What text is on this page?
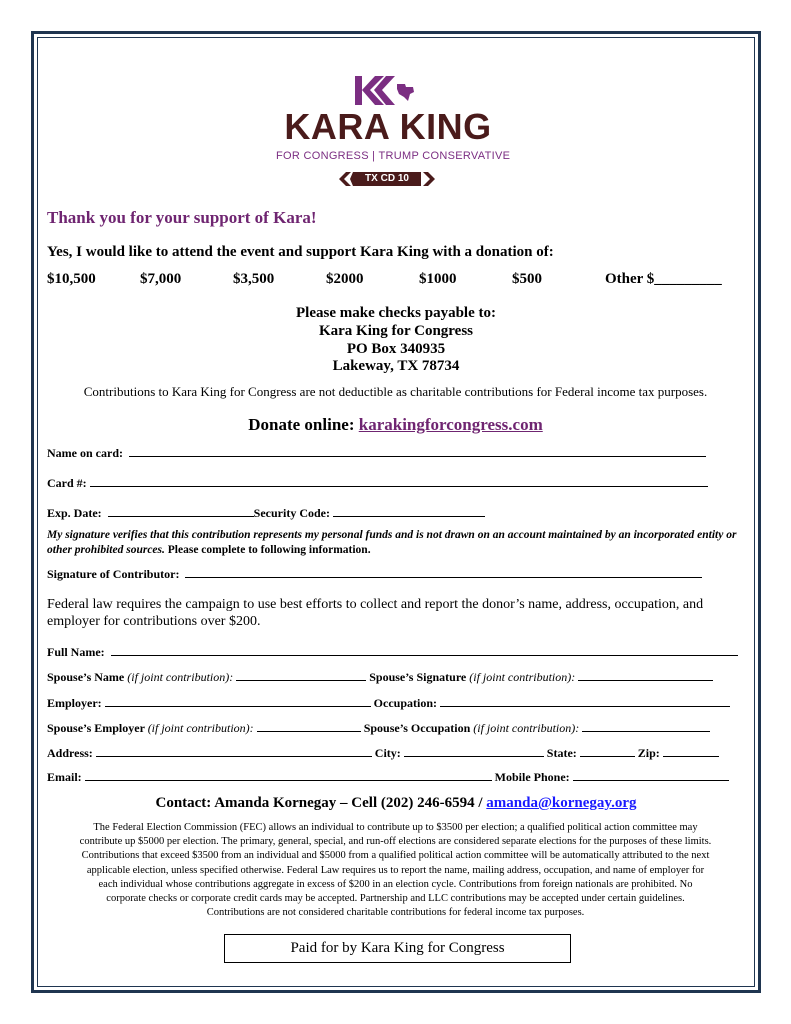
KARA KING
FOR CONGRESS | TRUMP CONSERVATIVE
TX CD 10
Thank you for your support of Kara!
Yes, I would like to attend the event and support Kara King with a donation of:
$10,500	$7,000	$3,500	$2000	$1000	$500	Other $_________
Please make checks payable to:
Kara King for Congress
PO Box 340935
Lakeway, TX 78734
Contributions to Kara King for Congress are not deductible as charitable contributions for Federal income tax purposes.
Donate online: karakingforcongress.com
Name on card:
Card #:
Exp. Date:	Security Code:
My signature verifies that this contribution represents my personal funds and is not drawn on an account maintained by an incorporated entity or other prohibited sources. Please complete to following information.
Signature of Contributor:
Federal law requires the campaign to use best efforts to collect and report the donor’s name, address, occupation, and employer for contributions over $200.
Full Name:
Spouse’s Name (if joint contribution):	Spouse’s Signature (if joint contribution):
Employer:	Occupation:
Spouse’s Employer (if joint contribution):	Spouse’s Occupation (if joint contribution):
Address:	City:	State:	Zip:
Email:	Mobile Phone:
Contact: Amanda Kornegay – Cell (202) 246-6594 / amanda@kornegay.org
The Federal Election Commission (FEC) allows an individual to contribute up to $3500 per election; a qualified political action committee may
contribute up $5000 per election. The primary, general, special, and run-off elections are considered separate elections for the purposes of these limits.
Contributions that exceed $3500 from an individual and $5000 from a qualified political action committee will be automatically attributed to the next
applicable election, unless specified otherwise. Federal Law requires us to report the name, mailing address, occupation, and name of employer for
each individual whose contributions aggregate in excess of $200 in an election cycle. Contributions from foreign nationals are prohibited. No
corporate checks or corporate credit cards may be accepted. Partnership and LLC contributions may be accepted under certain guidelines.
Contributions are not considered charitable contributions for federal income tax purposes.
Paid for by Kara King for Congress
